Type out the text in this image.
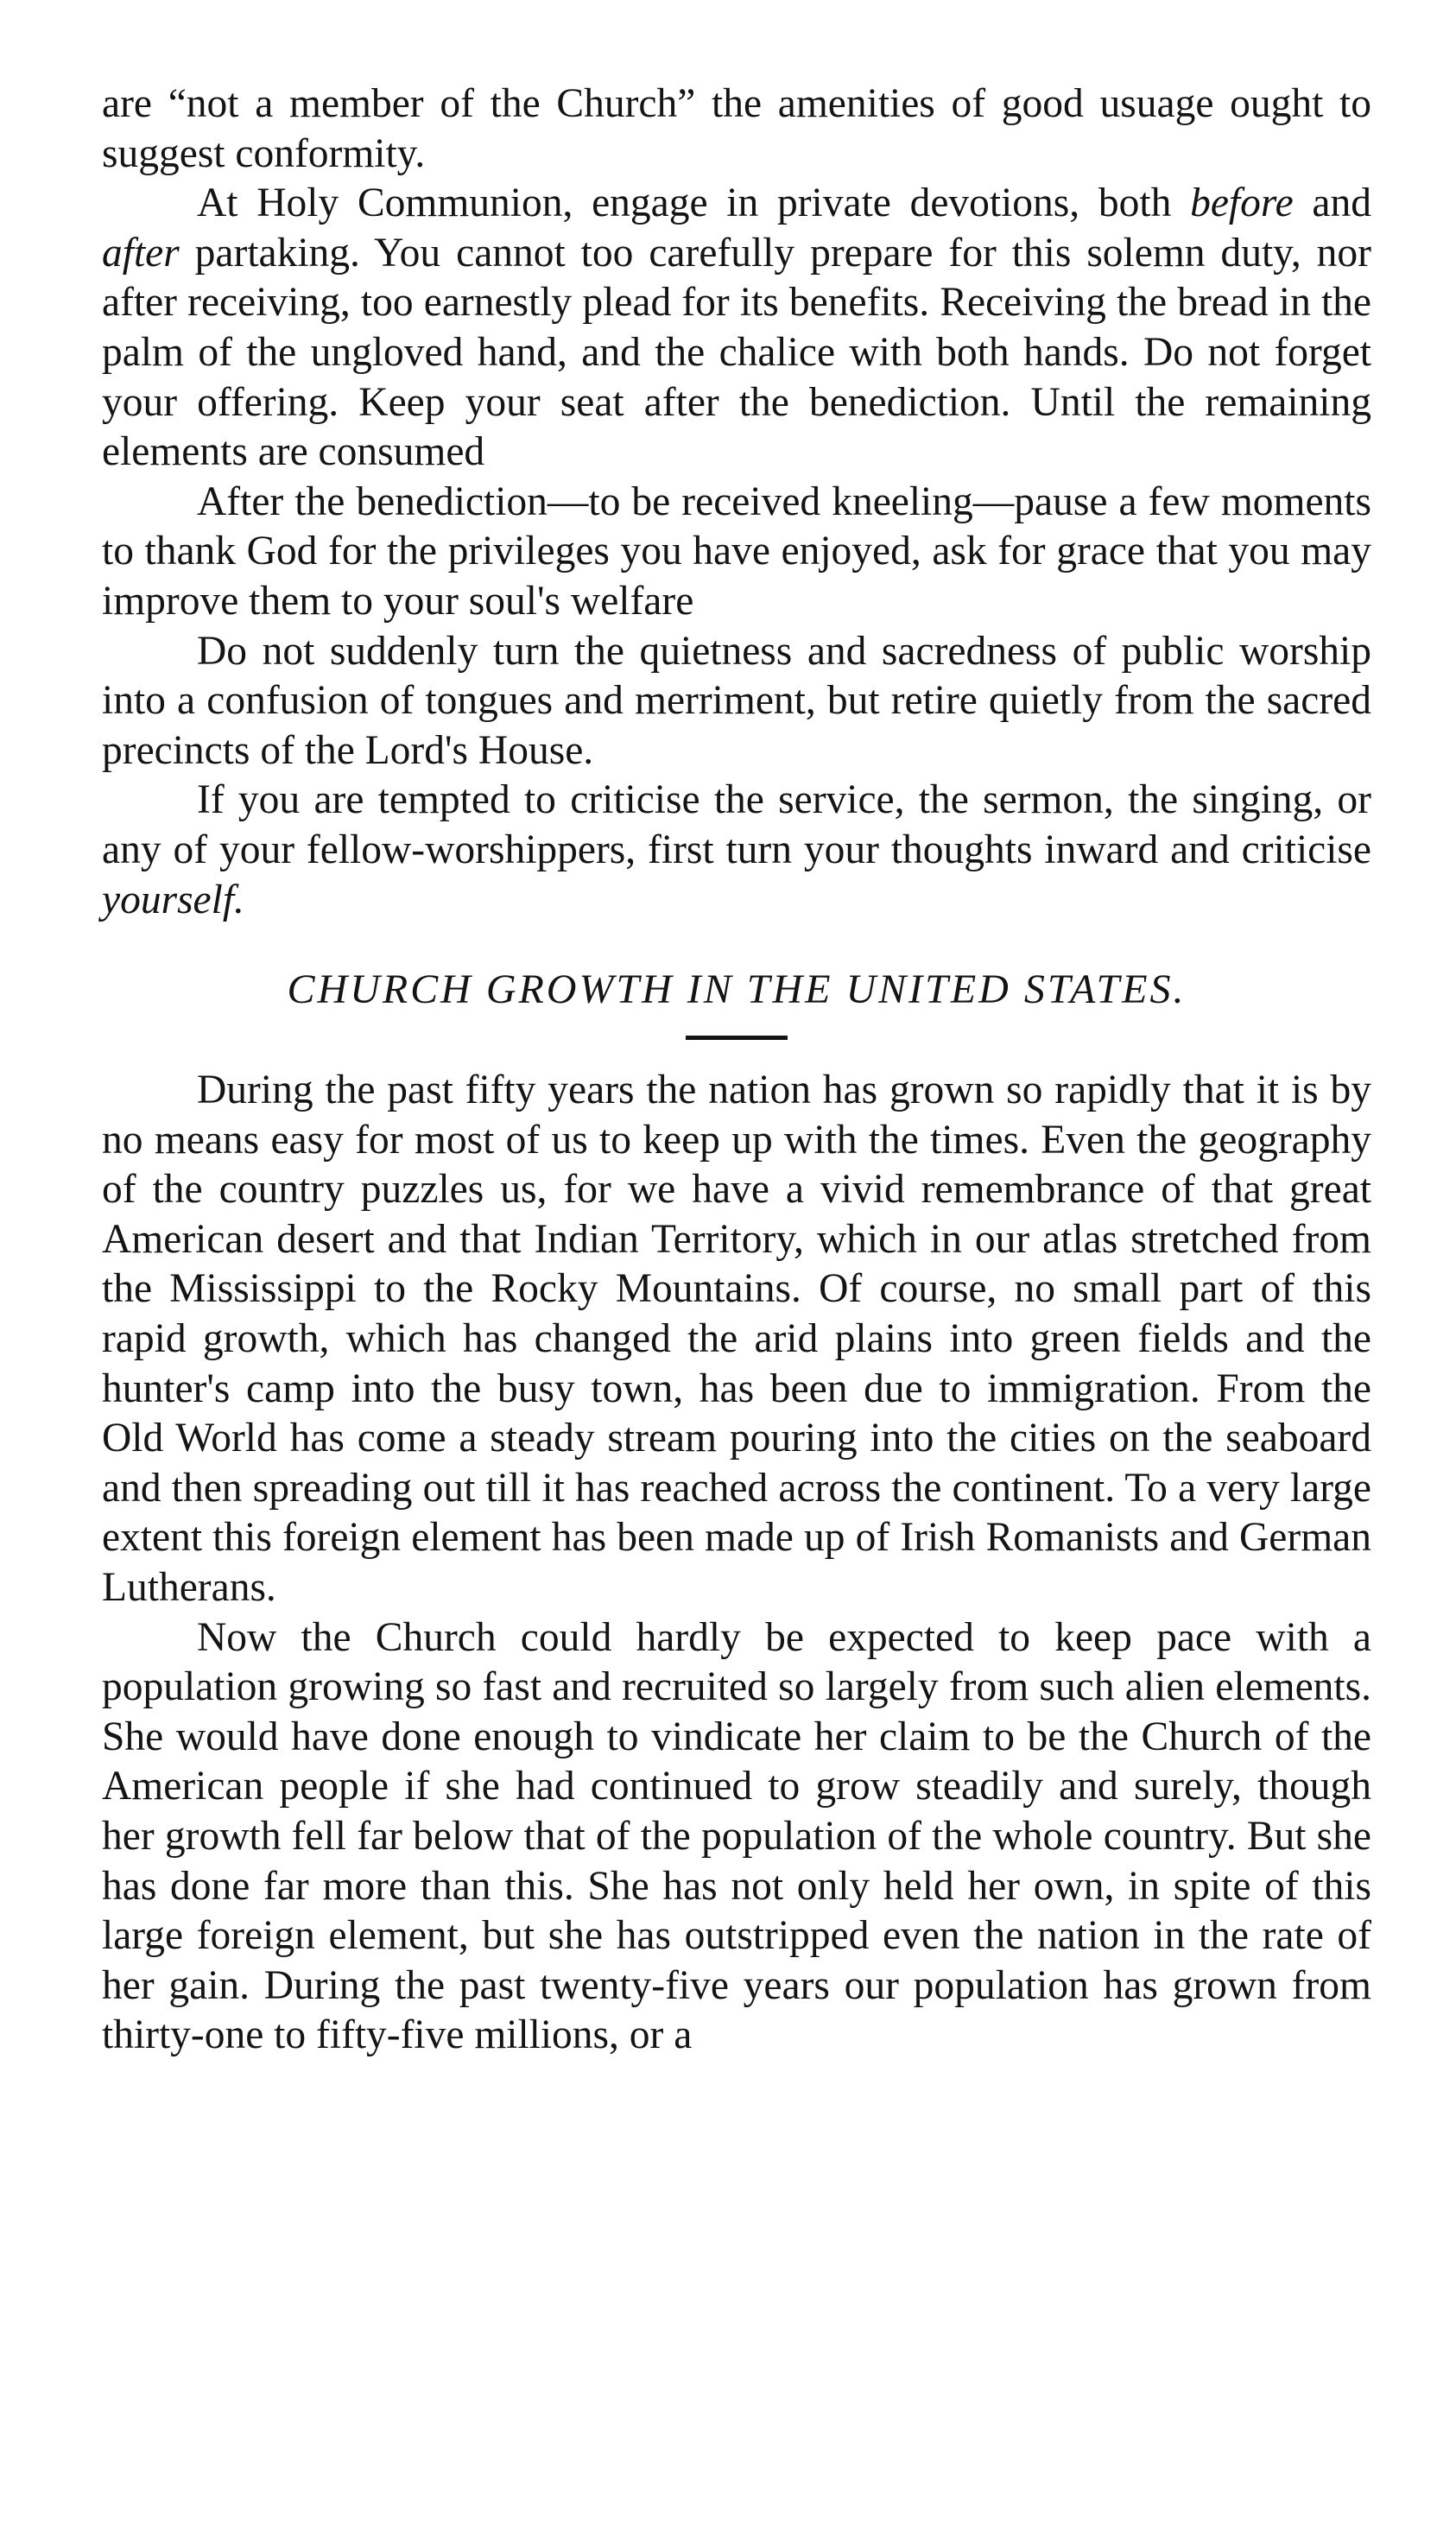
are “not a member of the Church” the amenities of good usuage ought to suggest conformity.

At Holy Communion, engage in private devotions, both before and after partaking. You cannot too carefully prepare for this solemn duty, nor after receiving, too earnestly plead for its benefits. Receiving the bread in the palm of the ungloved hand, and the chalice with both hands. Do not forget your offering. Keep your seat after the benediction. Until the remaining elements are consumed

After the benediction—to be received kneeling—pause a few moments to thank God for the privileges you have enjoyed, ask for grace that you may improve them to your soul's welfare

Do not suddenly turn the quietness and sacredness of public worship into a confusion of tongues and merriment, but retire quietly from the sacred precincts of the Lord's House.

If you are tempted to criticise the service, the sermon, the singing, or any of your fellow-worshippers, first turn your thoughts inward and criticise yourself.

CHURCH GROWTH IN THE UNITED STATES.

During the past fifty years the nation has grown so rapidly that it is by no means easy for most of us to keep up with the times. Even the geography of the country puzzles us, for we have a vivid remembrance of that great American desert and that Indian Territory, which in our atlas stretched from the Mississippi to the Rocky Mountains. Of course, no small part of this rapid growth, which has changed the arid plains into green fields and the hunter's camp into the busy town, has been due to immigration. From the Old World has come a steady stream pouring into the cities on the seaboard and then spreading out till it has reached across the continent. To a very large extent this foreign element has been made up of Irish Romanists and German Lutherans.

Now the Church could hardly be expected to keep pace with a population growing so fast and recruited so largely from such alien elements. She would have done enough to vindicate her claim to be the Church of the American people if she had continued to grow steadily and surely, though her growth fell far below that of the population of the whole country. But she has done far more than this. She has not only held her own, in spite of this large foreign element, but she has outstripped even the nation in the rate of her gain. During the past twenty-five years our population has grown from thirty-one to fifty-five millions, or a
